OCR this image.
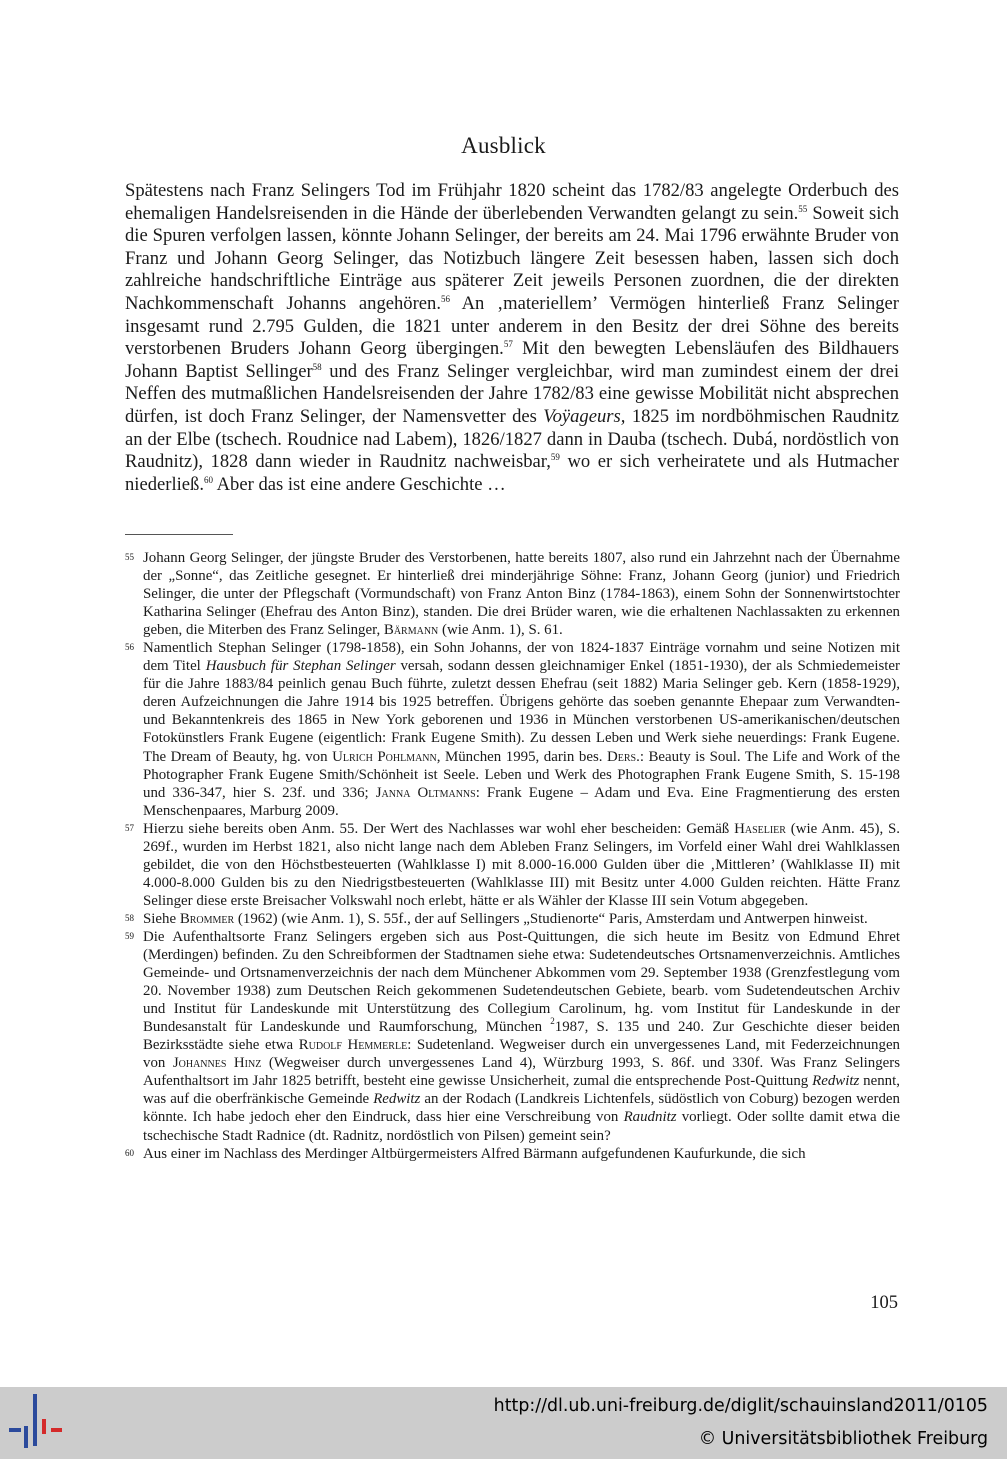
Ausblick

Spätestens nach Franz Selingers Tod im Frühjahr 1820 scheint das 1782/83 angelegte Orderbuch des ehemaligen Handelsreisenden in die Hände der überlebenden Verwandten gelangt zu sein.$^{55}$ Soweit sich die Spuren verfolgen lassen, könnte Johann Selinger, der bereits am 24. Mai 1796 erwähnte Bruder von Franz und Johann Georg Selinger, das Notizbuch längere Zeit besessen haben, lassen sich doch zahlreiche handschriftliche Einträge aus späterer Zeit jeweils Personen zuordnen, die der direkten Nachkommenschaft Johanns angehören.$^{56}$ An ‚materiellem’ Vermögen hinterließ Franz Selinger insgesamt rund 2.795 Gulden, die 1821 unter anderem in den Besitz der drei Söhne des bereits verstorbenen Bruders Johann Georg übergingen.$^{57}$ Mit den bewegten Lebensläufen des Bildhauers Johann Baptist Sellinger$^{58}$ und des Franz Selinger vergleichbar, wird man zumindest einem der drei Neffen des mutmaßlichen Handelsreisenden der Jahre 1782/83 eine gewisse Mobilität nicht absprechen dürfen, ist doch Franz Selinger, der Namensvetter des Voÿageurs, 1825 im nordböhmischen Raudnitz an der Elbe (tschech. Roudnice nad Labem), 1826/1827 dann in Dauba (tschech. Dubá, nordöstlich von Raudnitz), 1828 dann wieder in Raudnitz nachweisbar,$^{59}$ wo er sich verheiratete und als Hutmacher niederließ.$^{60}$ Aber das ist eine andere Geschichte …

55 Johann Georg Selinger, der jüngste Bruder des Verstorbenen, hatte bereits 1807, also rund ein Jahrzehnt nach der Übernahme der „Sonne“, das Zeitliche gesegnet. Er hinterließ drei minderjährige Söhne: Franz, Johann Georg (junior) und Friedrich Selinger, die unter der Pflegschaft (Vormundschaft) von Franz Anton Binz (1784-1863), einem Sohn der Sonnenwirtstochter Katharina Selinger (Ehefrau des Anton Binz), standen. Die drei Brüder waren, wie die erhaltenen Nachlassakten zu erkennen geben, die Miterben des Franz Selinger, Bärmann (wie Anm. 1), S. 61.
56 Namentlich Stephan Selinger (1798-1858), ein Sohn Johanns, der von 1824-1837 Einträge vornahm und seine Notizen mit dem Titel Hausbuch für Stephan Selinger versah, sodann dessen gleichnamiger Enkel (1851-1930), der als Schmiedemeister für die Jahre 1883/84 peinlich genau Buch führte, zuletzt dessen Ehefrau (seit 1882) Maria Selinger geb. Kern (1858-1929), deren Aufzeichnungen die Jahre 1914 bis 1925 betreffen. Übrigens gehörte das soeben genannte Ehepaar zum Verwandten- und Bekanntenkreis des 1865 in New York geborenen und 1936 in München verstorbenen US-amerikanischen/deutschen Fotokünstlers Frank Eugene (eigentlich: Frank Eugene Smith). Zu dessen Leben und Werk siehe neuerdings: Frank Eugene. The Dream of Beauty, hg. von Ulrich Pohlmann, München 1995, darin bes. Ders.: Beauty is Soul. The Life and Work of the Photographer Frank Eugene Smith/Schönheit ist Seele. Leben und Werk des Photographen Frank Eugene Smith, S. 15-198 und 336-347, hier S. 23f. und 336; Janna Oltmanns: Frank Eugene – Adam und Eva. Eine Fragmentierung des ersten Menschenpaares, Marburg 2009.
57 Hierzu siehe bereits oben Anm. 55. Der Wert des Nachlasses war wohl eher bescheiden: Gemäß Haselier (wie Anm. 45), S. 269f., wurden im Herbst 1821, also nicht lange nach dem Ableben Franz Selingers, im Vorfeld einer Wahl drei Wahlklassen gebildet, die von den Höchstbesteuerten (Wahlklasse I) mit 8.000-16.000 Gulden über die ‚Mittleren’ (Wahlklasse II) mit 4.000-8.000 Gulden bis zu den Niedrigstbesteuerten (Wahlklasse III) mit Besitz unter 4.000 Gulden reichten. Hätte Franz Selinger diese erste Breisacher Volkswahl noch erlebt, hätte er als Wähler der Klasse III sein Votum abgegeben.
58 Siehe Brommer (1962) (wie Anm. 1), S. 55f., der auf Sellingers „Studienorte“ Paris, Amsterdam und Antwerpen hinweist.
59 Die Aufenthaltsorte Franz Selingers ergeben sich aus Post-Quittungen, die sich heute im Besitz von Edmund Ehret (Merdingen) befinden. Zu den Schreibformen der Stadtnamen siehe etwa: Sudetendeutsches Ortsnamenverzeichnis. Amtliches Gemeinde- und Ortsnamenverzeichnis der nach dem Münchener Abkommen vom 29. September 1938 (Grenzfestlegung vom 20. November 1938) zum Deutschen Reich gekommenen Sudetendeutschen Gebiete, bearb. vom Sudetendeutschen Archiv und Institut für Landeskunde mit Unterstützung des Collegium Carolinum, hg. vom Institut für Landeskunde in der Bundesanstalt für Landeskunde und Raumforschung, München $^2$1987, S. 135 und 240. Zur Geschichte dieser beiden Bezirksstädte siehe etwa Rudolf Hemmerle: Sudetenland. Wegweiser durch ein unvergessenes Land, mit Federzeichnungen von Johannes Hinz (Wegweiser durch unvergessenes Land 4), Würzburg 1993, S. 86f. und 330f. Was Franz Selingers Aufenthaltsort im Jahr 1825 betrifft, besteht eine gewisse Unsicherheit, zumal die entsprechende Post-Quittung Redwitz nennt, was auf die oberfränkische Gemeinde Redwitz an der Rodach (Landkreis Lichtenfels, südöstlich von Coburg) bezogen werden könnte. Ich habe jedoch eher den Eindruck, dass hier eine Verschreibung von Raudnitz vorliegt. Oder sollte damit etwa die tschechische Stadt Radnice (dt. Radnitz, nordöstlich von Pilsen) gemeint sein?
60 Aus einer im Nachlass des Merdinger Altbürgermeisters Alfred Bärmann aufgefundenen Kaufurkunde, die sich
105
http://dl.ub.uni-freiburg.de/diglit/schauinsland2011/0105
© Universitätsbibliothek Freiburg
